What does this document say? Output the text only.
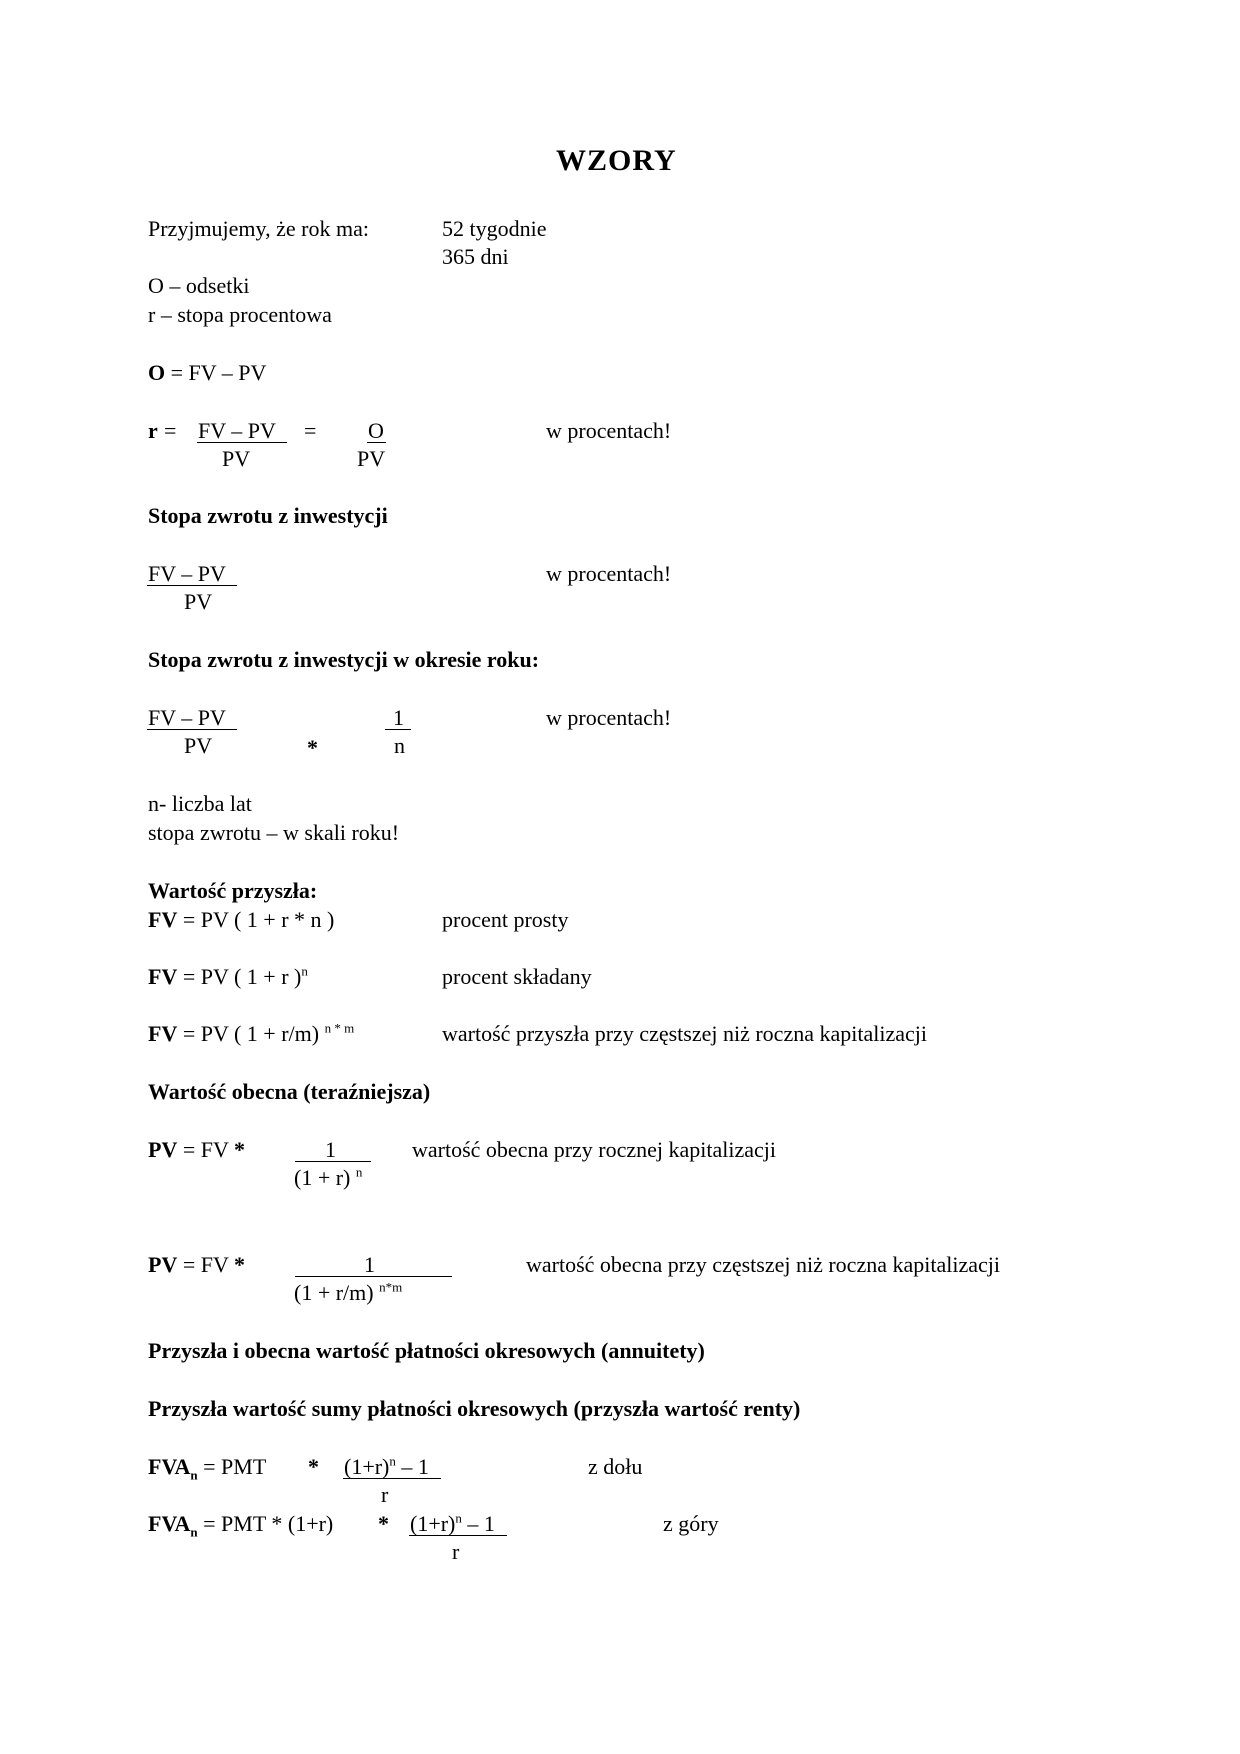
WZORY
Przyjmujemy, że rok ma:	52 tygodnie
365 dni
O – odsetki
r – stopa procentowa
O = FV – PV
r = FV – PV
PV
= O
PV
w procentach!
Stopa zwrotu z inwestycji
FV – PV
PV
w procentach!
Stopa zwrotu z inwestycji w okresie roku:
FV – PV
PV	*
1
n
w procentach!
n- liczba lat
stopa zwrotu – w skali roku!
Wartość przyszła:
FV = PV ( 1 + r * n )	procent prosty
FV = PV ( 1 + r )$^n$	procent składany
FV = PV ( 1 + r/m) $^{n * m}$	wartość przyszła przy częstszej niż roczna kapitalizacji
Wartość obecna (teraźniejsza)
PV = FV *	1
(1 + r) $^n$
wartość obecna przy rocznej kapitalizacji
PV = FV *	1
(1 + r/m) $^{n*m}$
wartość obecna przy częstszej niż roczna kapitalizacji
Przyszła i obecna wartość płatności okresowych (annuitety)
Przyszła wartość sumy płatności okresowych (przyszła wartość renty)
$FVA_n$ = PMT * $(1+r)^n - 1$
r
z dołu
$FVA_n$ = PMT * $(1+r) * (1+r)^n - 1$
r
z góry
